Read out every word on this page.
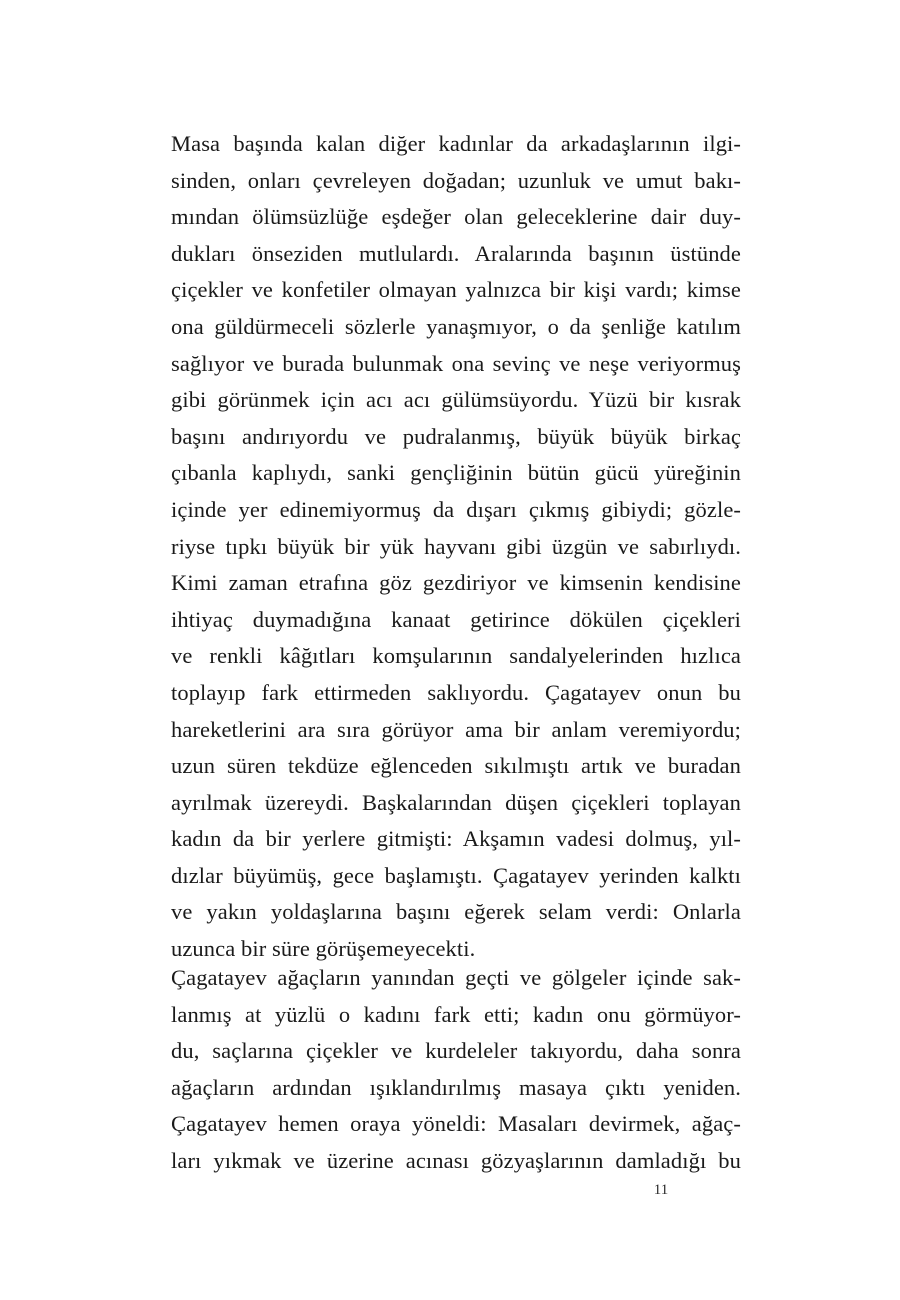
Masa başında kalan diğer kadınlar da arkadaşlarının ilgi-
sinden, onları çevreleyen doğadan; uzunluk ve umut bakı-
mından ölümsüzlüğe eşdeğer olan geleceklerine dair duy-
dukları önseziden mutlulardı. Aralarında başının üstünde
çiçekler ve konfetiler olmayan yalnızca bir kişi vardı; kimse
ona güldürmeceli sözlerle yanaşmıyor, o da şenliğe katılım
sağlıyor ve burada bulunmak ona sevinç ve neşe veriyormuş
gibi görünmek için acı acı gülümsüyordu. Yüzü bir kısrak
başını andırıyordu ve pudralanmış, büyük büyük birkaç
çıbanla kaplıydı, sanki gençliğinin bütün gücü yüreğinin
içinde yer edinemiyormuş da dışarı çıkmış gibiydi; gözle-
riyse tıpkı büyük bir yük hayvanı gibi üzgün ve sabırlıydı.
Kimi zaman etrafına göz gezdiriyor ve kimsenin kendisine
ihtiyaç duymadığına kanaat getirince dökülen çiçekleri
ve renkli kâğıtları komşularının sandalyelerinden hızlıca
toplayıp fark ettirmeden saklıyordu. Çagatayev onun bu
hareketlerini ara sıra görüyor ama bir anlam veremiyordu;
uzun süren tekdüze eğlenceden sıkılmıştı artık ve buradan
ayrılmak üzereydi. Başkalarından düşen çiçekleri toplayan
kadın da bir yerlere gitmişti: Akşamın vadesi dolmuş, yıl-
dızlar büyümüş, gece başlamıştı. Çagatayev yerinden kalktı
ve yakın yoldaşlarına başını eğerek selam verdi: Onlarla
uzunca bir süre görüşemeyecekti.
Çagatayev ağaçların yanından geçti ve gölgeler içinde sak-
lanmış at yüzlü o kadını fark etti; kadın onu görmüyor-
du, saçlarına çiçekler ve kurdeleler takıyordu, daha sonra
ağaçların ardından ışıklandırılmış masaya çıktı yeniden.
Çagatayev hemen oraya yöneldi: Masaları devirmek, ağaç-
ları yıkmak ve üzerine acınası gözyaşlarının damladığı bu
11
